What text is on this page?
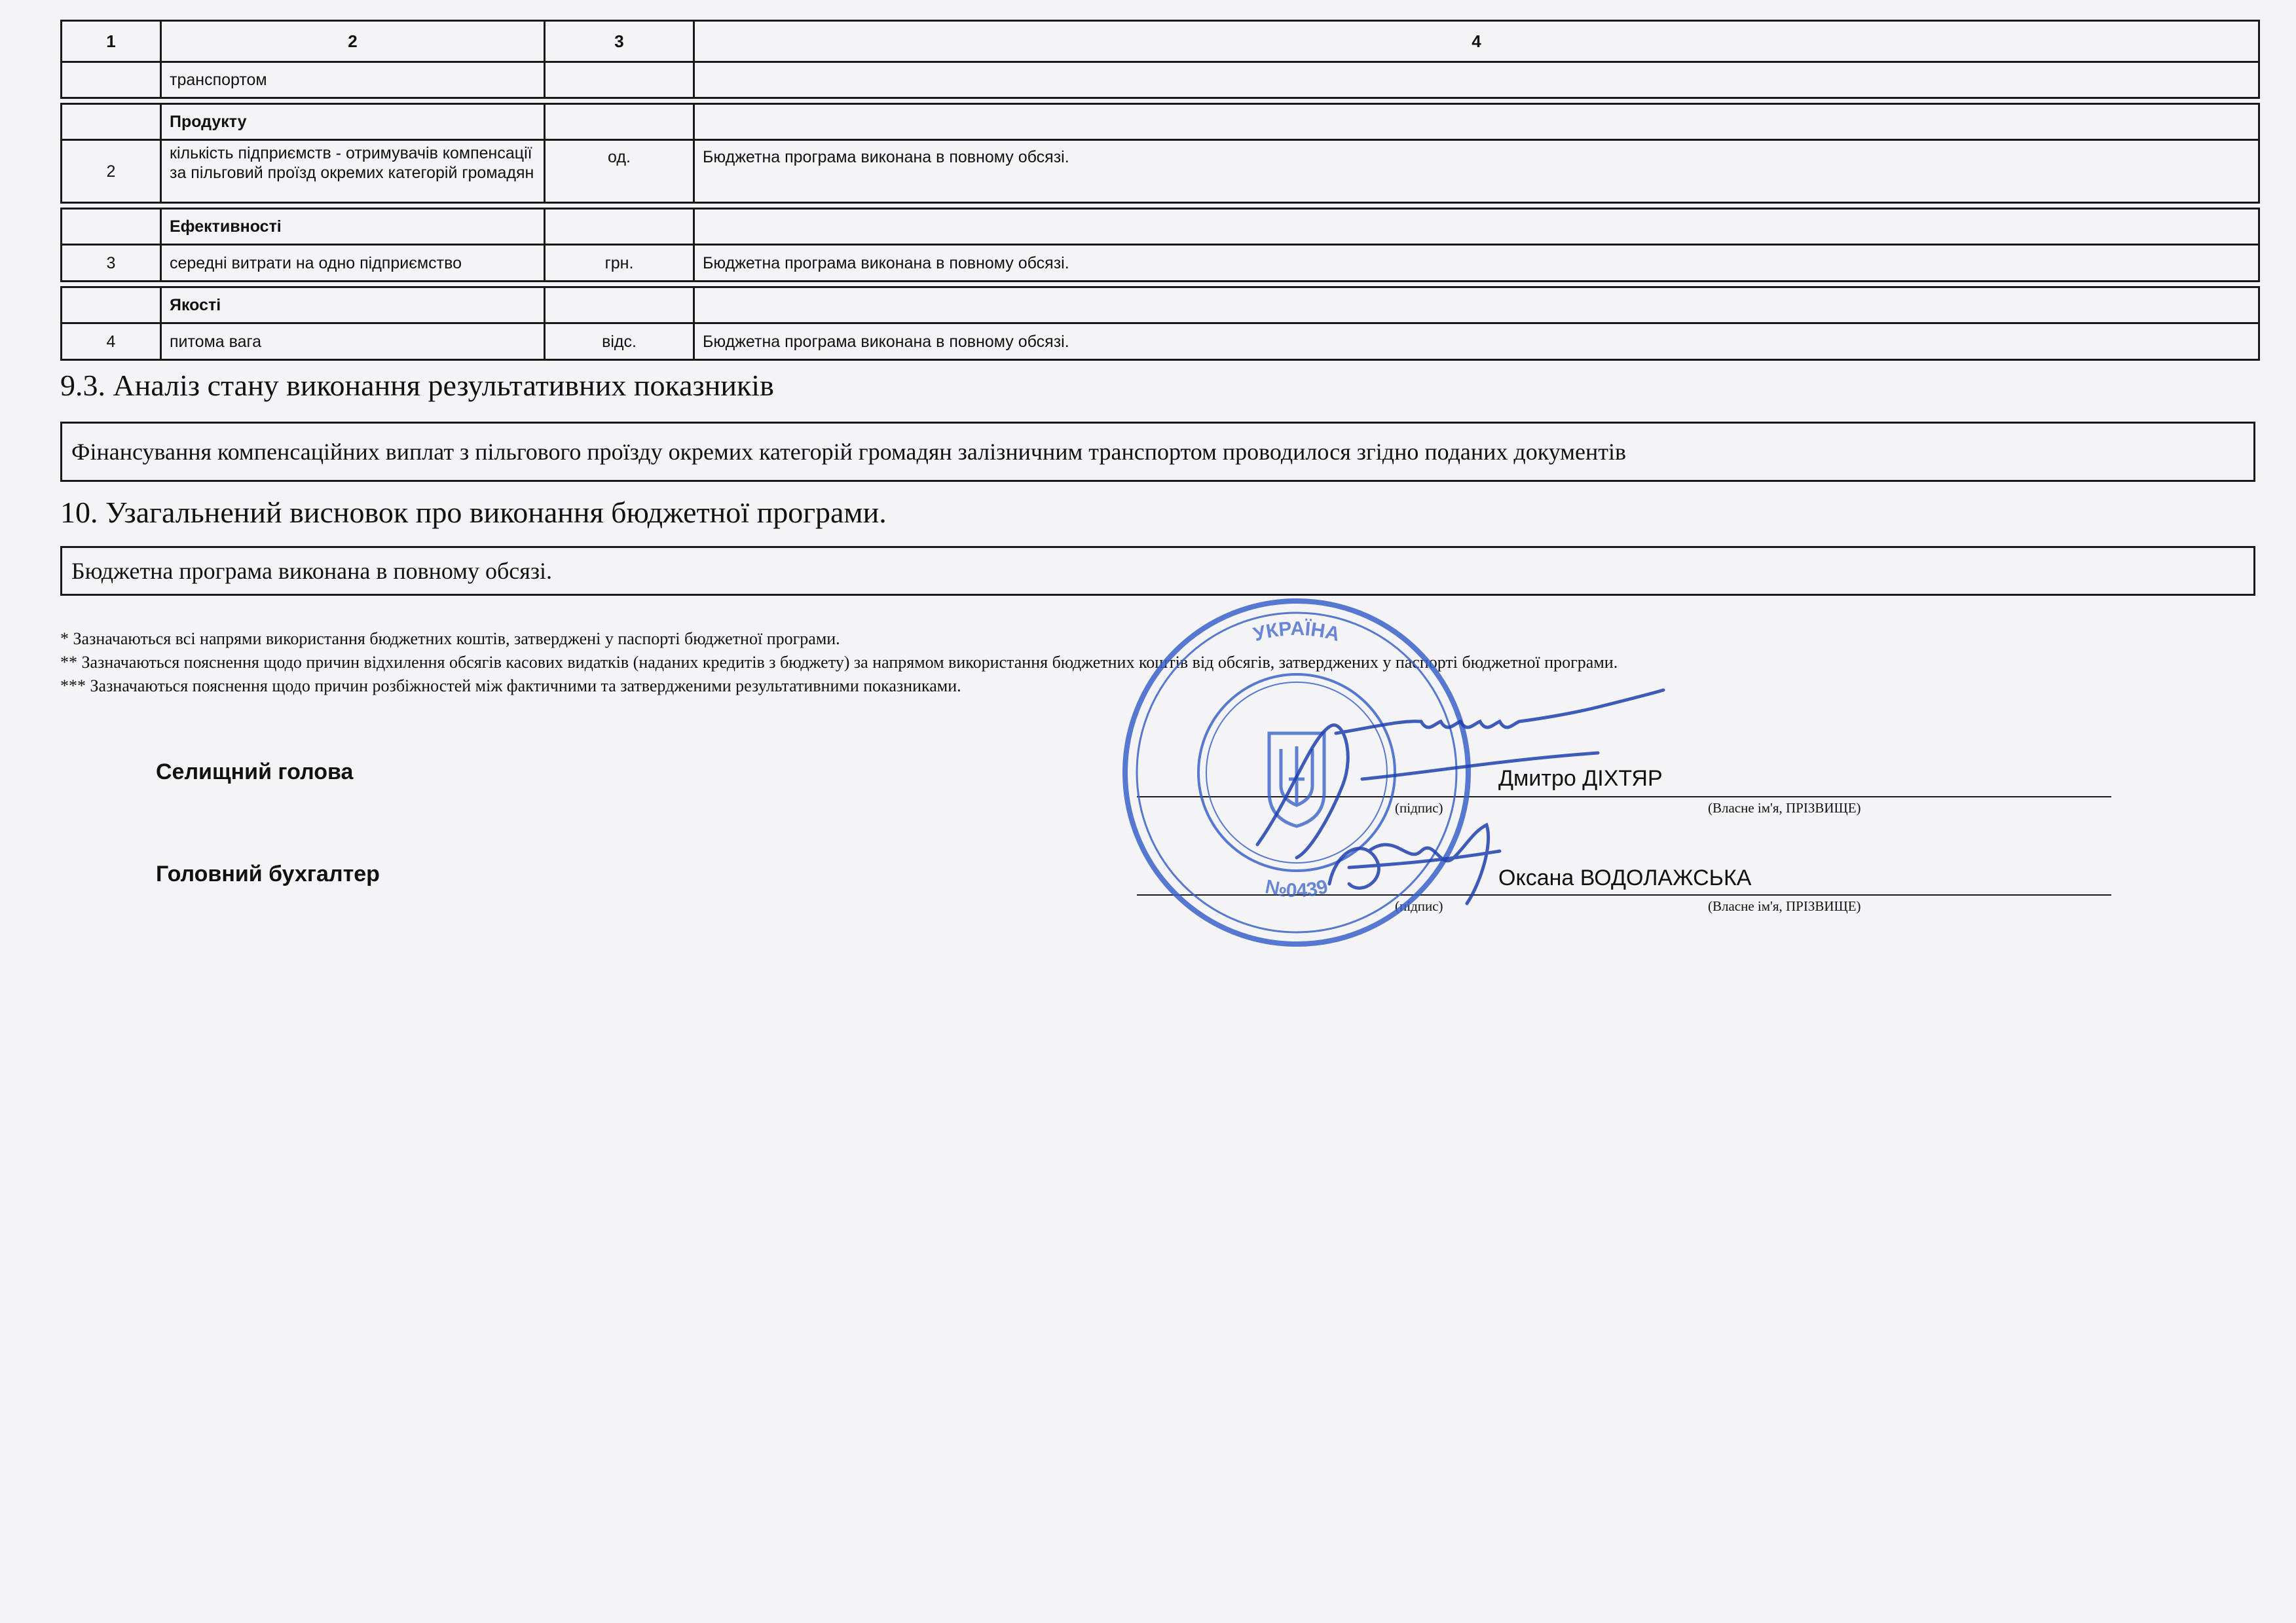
1	2	3	4
	транспортом		

	Продукту		
2	кількість підприємств - отримувачів компенсації за пільговий проїзд окремих категорій громадян	од.	Бюджетна програма виконана в повному обсязі.

	Ефективності		
3	середні витрати на одно підприємство	грн.	Бюджетна програма виконана в повному обсязі.

	Якості		
4	питома вага	відс.	Бюджетна програма виконана в повному обсязі.
9.3. Аналіз стану виконання результативних показників
Фінансування компенсаційних виплат з пільгового проїзду окремих категорій громадян залізничним транспортом проводилося згідно поданих документів
10. Узагальнений висновок про виконання бюджетної програми.
Бюджетна програма виконана в повному обсязі.
* Зазначаються всі напрями використання бюджетних коштів, затверджені у паспорті бюджетної програми.
** Зазначаються пояснення щодо причин відхилення обсягів касових видатків (наданих кредитів з бюджету) за напрямом використання бюджетних коштів від обсягів, затверджених у паспорті бюджетної програми.
*** Зазначаються пояснення щодо причин розбіжностей між фактичними та затвердженими результативними показниками.
Селищний голова
(підпис)
Дмитро ДІХТЯР
(Власне ім'я, ПРІЗВИЩЕ)
Головний бухгалтер
(підпис)
Оксана ВОДОЛАЖСЬКА
(Власне ім'я, ПРІЗВИЩЕ)
УКРАЇНА
№0439
